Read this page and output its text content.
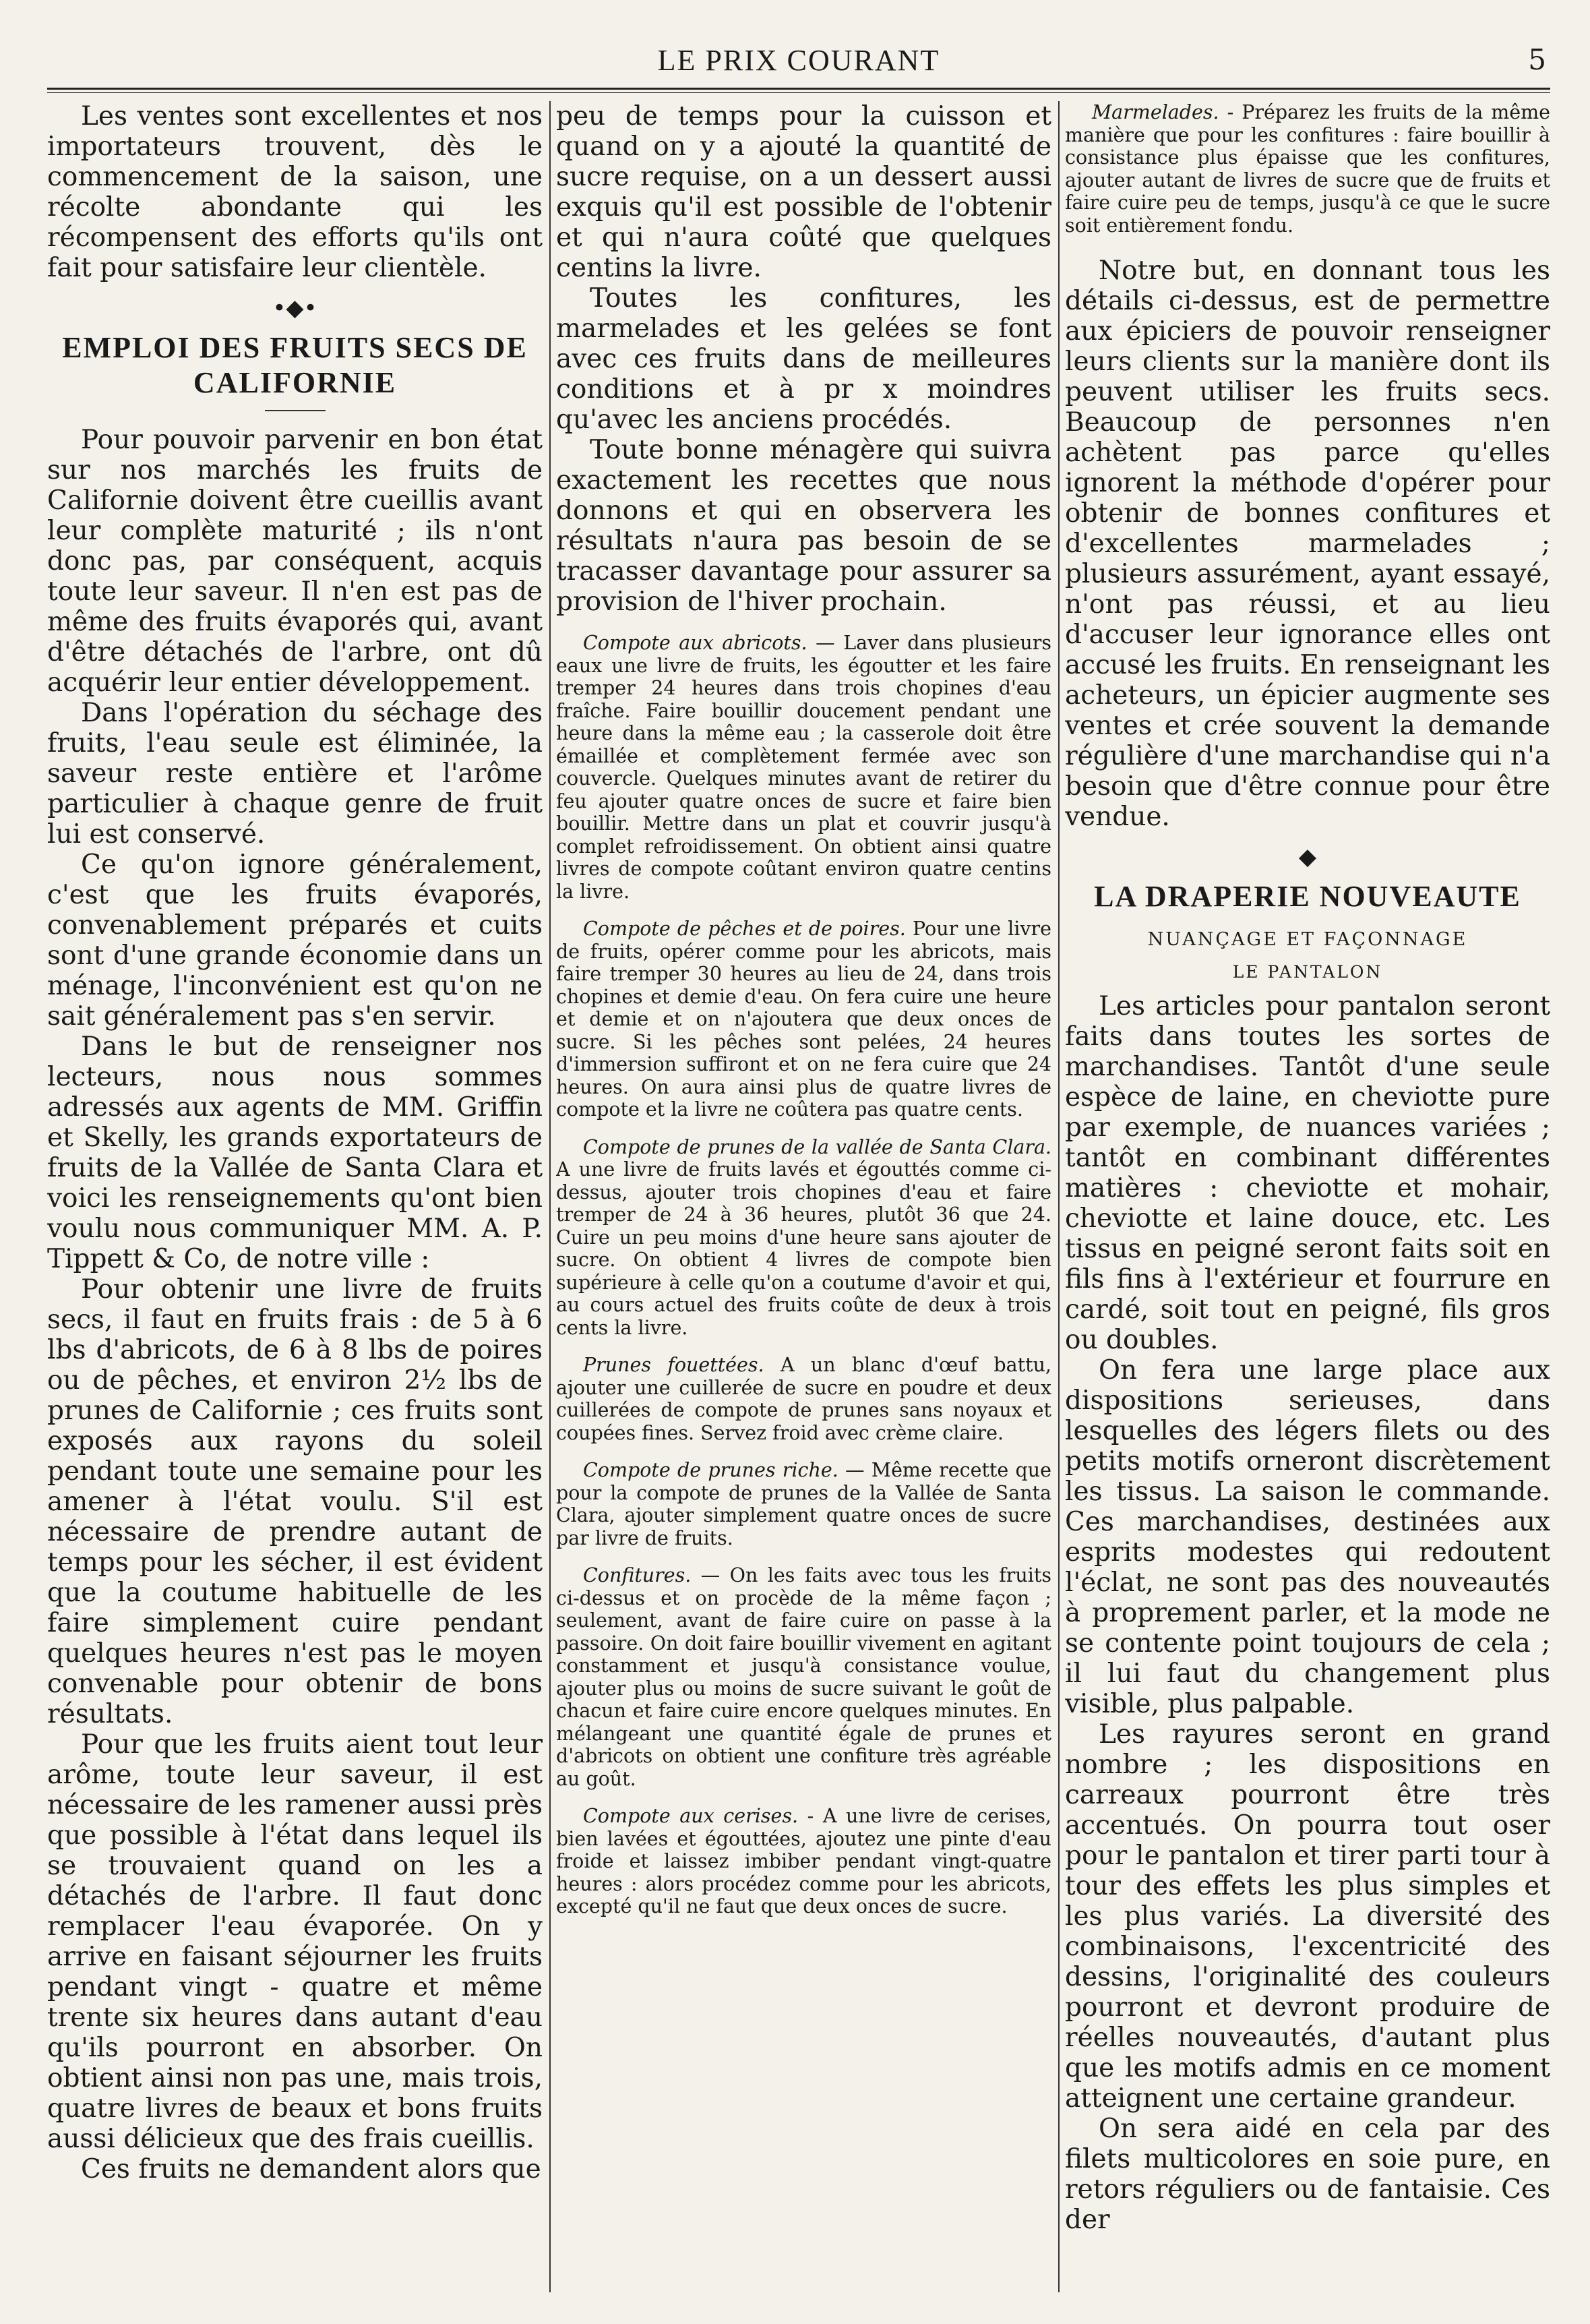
LE PRIX COURANT	5

Les ventes sont excellentes et nos importateurs trouvent, dès le commencement de la saison, une récolte abondante qui les récompensent des efforts qu'ils ont fait pour satisfaire leur clientèle.

•◆•
EMPLOI DES FRUITS SECS DE CALIFORNIE

Pour pouvoir parvenir en bon état sur nos marchés les fruits de Californie doivent être cueillis avant leur complète maturité ; ils n'ont donc pas, par conséquent, acquis toute leur saveur. Il n'en est pas de même des fruits évaporés qui, avant d'être détachés de l'arbre, ont dû acquérir leur entier développement.

Dans l'opération du séchage des fruits, l'eau seule est éliminée, la saveur reste entière et l'arôme particulier à chaque genre de fruit lui est conservé.

Ce qu'on ignore généralement, c'est que les fruits évaporés, convenablement préparés et cuits sont d'une grande économie dans un ménage, l'inconvénient est qu'on ne sait généralement pas s'en servir.

Dans le but de renseigner nos lecteurs, nous nous sommes adressés aux agents de MM. Griffin et Skelly, les grands exportateurs de fruits de la Vallée de Santa Clara et voici les renseignements qu'ont bien voulu nous communiquer MM. A. P. Tippett & Co, de notre ville :

Pour obtenir une livre de fruits secs, il faut en fruits frais : de 5 à 6 lbs d'abricots, de 6 à 8 lbs de poires ou de pêches, et environ 2½ lbs de prunes de Californie ; ces fruits sont exposés aux rayons du soleil pendant toute une semaine pour les amener à l'état voulu. S'il est nécessaire de prendre autant de temps pour les sécher, il est évident que la coutume habituelle de les faire simplement cuire pendant quelques heures n'est pas le moyen convenable pour obtenir de bons résultats.

Pour que les fruits aient tout leur arôme, toute leur saveur, il est nécessaire de les ramener aussi près que possible à l'état dans lequel ils se trouvaient quand on les a détachés de l'arbre. Il faut donc remplacer l'eau évaporée. On y arrive en faisant séjourner les fruits pendant vingt - quatre et même trente six heures dans autant d'eau qu'ils pourront en absorber. On obtient ainsi non pas une, mais trois, quatre livres de beaux et bons fruits aussi délicieux que des frais cueillis.

Ces fruits ne demandent alors que

peu de temps pour la cuisson et quand on y a ajouté la quantité de sucre requise, on a un dessert aussi exquis qu'il est possible de l'obtenir et qui n'aura coûté que quelques centins la livre.

Toutes les confitures, les marmelades et les gelées se font avec ces fruits dans de meilleures conditions et à pr x moindres qu'avec les anciens procédés.

Toute bonne ménagère qui suivra exactement les recettes que nous donnons et qui en observera les résultats n'aura pas besoin de se tracasser davantage pour assurer sa provision de l'hiver prochain.

Compote aux abricots. — Laver dans plusieurs eaux une livre de fruits, les égoutter et les faire tremper 24 heures dans trois chopines d'eau fraîche. Faire bouillir doucement pendant une heure dans la même eau ; la casserole doit être émaillée et complètement fermée avec son couvercle. Quelques minutes avant de retirer du feu ajouter quatre onces de sucre et faire bien bouillir. Mettre dans un plat et couvrir jusqu'à complet refroidissement. On obtient ainsi quatre livres de compote coûtant environ quatre centins la livre.

Compote de pêches et de poires. Pour une livre de fruits, opérer comme pour les abricots, mais faire tremper 30 heures au lieu de 24, dans trois chopines et demie d'eau. On fera cuire une heure et demie et on n'ajoutera que deux onces de sucre. Si les pêches sont pelées, 24 heures d'immersion suffiront et on ne fera cuire que 24 heures. On aura ainsi plus de quatre livres de compote et la livre ne coûtera pas quatre cents.

Compote de prunes de la vallée de Santa Clara. A une livre de fruits lavés et égouttés comme ci-dessus, ajouter trois chopines d'eau et faire tremper de 24 à 36 heures, plutôt 36 que 24. Cuire un peu moins d'une heure sans ajouter de sucre. On obtient 4 livres de compote bien supérieure à celle qu'on a coutume d'avoir et qui, au cours actuel des fruits coûte de deux à trois cents la livre.

Prunes fouettées. A un blanc d'œuf battu, ajouter une cuillerée de sucre en poudre et deux cuillerées de compote de prunes sans noyaux et coupées fines. Servez froid avec crème claire.

Compote de prunes riche. — Même recette que pour la compote de prunes de la Vallée de Santa Clara, ajouter simplement quatre onces de sucre par livre de fruits.

Confitures. — On les faits avec tous les fruits ci-dessus et on procède de la même façon ; seulement, avant de faire cuire on passe à la passoire. On doit faire bouillir vivement en agitant constamment et jusqu'à consistance voulue, ajouter plus ou moins de sucre suivant le goût de chacun et faire cuire encore quelques minutes. En mélangeant une quantité égale de prunes et d'abricots on obtient une confiture très agréable au goût.

Compote aux cerises. - A une livre de cerises, bien lavées et égouttées, ajoutez une pinte d'eau froide et laissez imbiber pendant vingt-quatre heures : alors procédez comme pour les abricots, excepté qu'il ne faut que deux onces de sucre.

Marmelades. - Préparez les fruits de la même manière que pour les confitures : faire bouillir à consistance plus épaisse que les confitures, ajouter autant de livres de sucre que de fruits et faire cuire peu de temps, jusqu'à ce que le sucre soit entièrement fondu.

Notre but, en donnant tous les détails ci-dessus, est de permettre aux épiciers de pouvoir renseigner leurs clients sur la manière dont ils peuvent utiliser les fruits secs. Beaucoup de personnes n'en achètent pas parce qu'elles ignorent la méthode d'opérer pour obtenir de bonnes confitures et d'excellentes marmelades ; plusieurs assurément, ayant essayé, n'ont pas réussi, et au lieu d'accuser leur ignorance elles ont accusé les fruits. En renseignant les acheteurs, un épicier augmente ses ventes et crée souvent la demande régulière d'une marchandise qui n'a besoin que d'être connue pour être vendue.

◆
LA DRAPERIE NOUVEAUTE
NUANÇAGE ET FAÇONNAGE
LE PANTALON

Les articles pour pantalon seront faits dans toutes les sortes de marchandises. Tantôt d'une seule espèce de laine, en cheviotte pure par exemple, de nuances variées ; tantôt en combinant différentes matières : cheviotte et mohair, cheviotte et laine douce, etc. Les tissus en peigné seront faits soit en fils fins à l'extérieur et fourrure en cardé, soit tout en peigné, fils gros ou doubles.

On fera une large place aux dispositions serieuses, dans lesquelles des légers filets ou des petits motifs orneront discrètement les tissus. La saison le commande. Ces marchandises, destinées aux esprits modestes qui redoutent l'éclat, ne sont pas des nouveautés à proprement parler, et la mode ne se contente point toujours de cela ; il lui faut du changement plus visible, plus palpable.

Les rayures seront en grand nombre ; les dispositions en carreaux pourront être très accentués. On pourra tout oser pour le pantalon et tirer parti tour à tour des effets les plus simples et les plus variés. La diversité des combinaisons, l'excentricité des dessins, l'originalité des couleurs pourront et devront produire de réelles nouveautés, d'autant plus que les motifs admis en ce moment atteignent une certaine grandeur.

On sera aidé en cela par des filets multicolores en soie pure, en retors réguliers ou de fantaisie. Ces der
